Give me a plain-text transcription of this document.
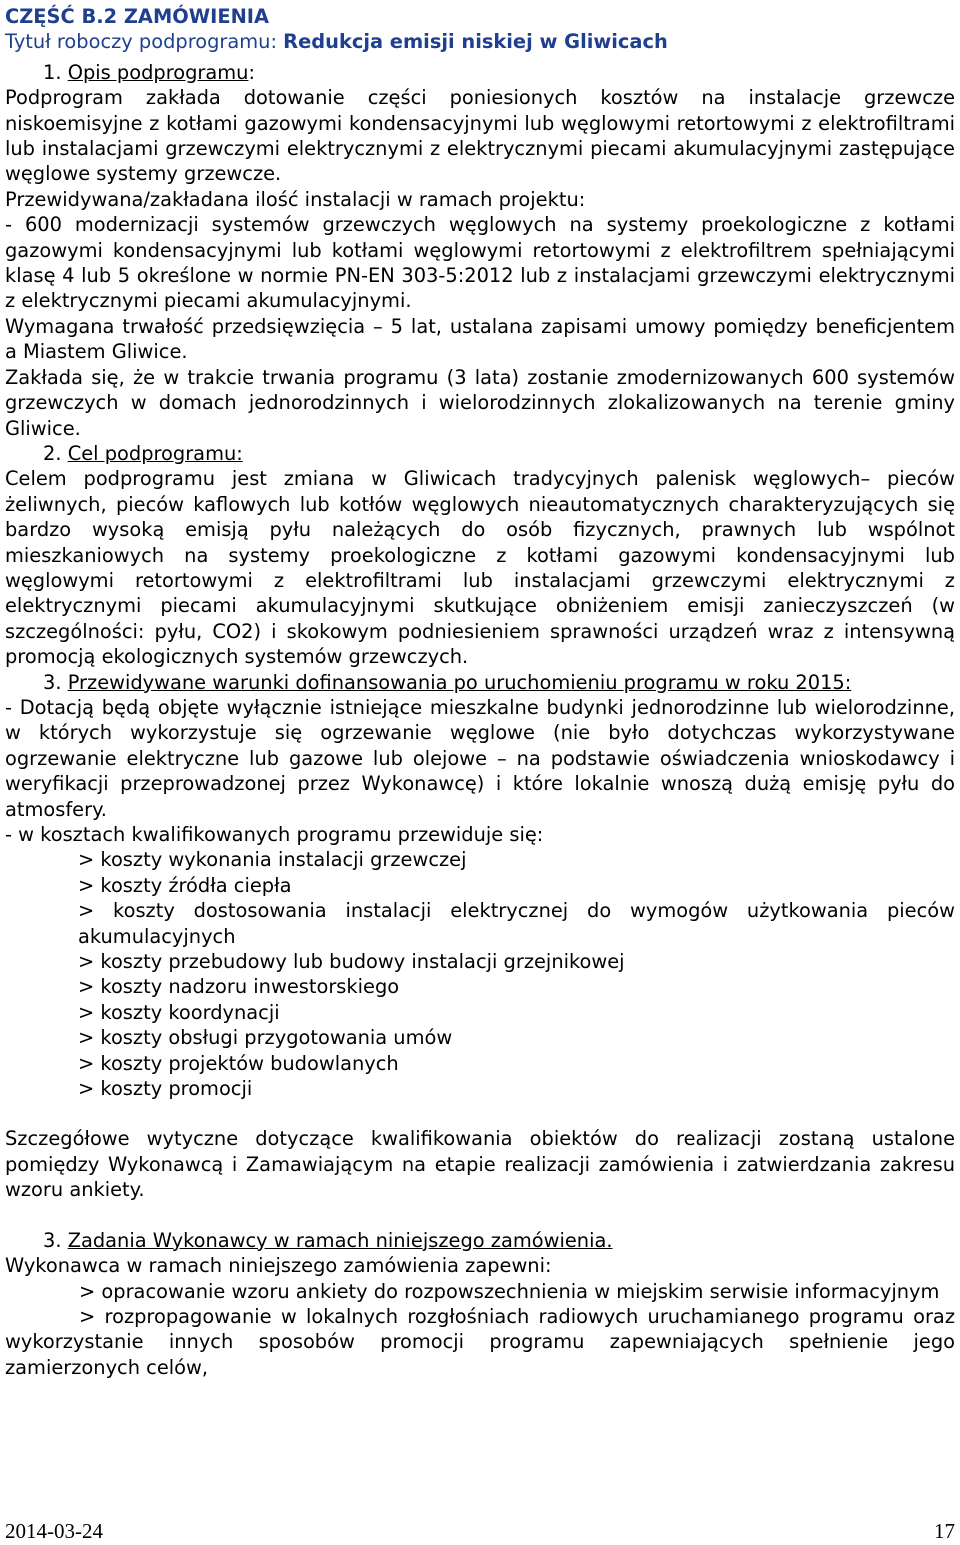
CZĘŚĆ B.2 ZAMÓWIENIA

Tytuł roboczy podprogramu: Redukcja emisji niskiej w Gliwicach

1. Opis podprogramu:

Podprogram zakłada dotowanie części poniesionych kosztów na instalacje grzewcze niskoemisyjne z kotłami gazowymi kondensacyjnymi lub węglowymi retortowymi z elektrofiltrami lub instalacjami grzewczymi elektrycznymi z elektrycznymi piecami akumulacyjnymi zastępujące węglowe systemy grzewcze.

Przewidywana/zakładana ilość instalacji w ramach projektu:

- 600 modernizacji systemów grzewczych węglowych na systemy proekologiczne z kotłami gazowymi kondensacyjnymi lub kotłami węglowymi retortowymi z elektrofiltrem spełniającymi klasę 4 lub 5 określone w normie PN-EN 303-5:2012 lub z instalacjami grzewczymi elektrycznymi z elektrycznymi piecami akumulacyjnymi.

Wymagana trwałość przedsięwzięcia – 5 lat, ustalana zapisami umowy pomiędzy beneficjentem a Miastem Gliwice.

Zakłada się, że w trakcie trwania programu (3 lata) zostanie zmodernizowanych 600 systemów grzewczych w domach jednorodzinnych i wielorodzinnych zlokalizowanych na terenie gminy Gliwice.

2. Cel podprogramu:

Celem podprogramu jest zmiana w Gliwicach tradycyjnych palenisk węglowych– pieców żeliwnych, pieców kaflowych lub kotłów węglowych nieautomatycznych charakteryzujących się bardzo wysoką emisją pyłu należących do osób fizycznych, prawnych lub wspólnot mieszkaniowych na systemy proekologiczne z kotłami gazowymi kondensacyjnymi lub węglowymi retortowymi z elektrofiltrami lub instalacjami grzewczymi elektrycznymi z elektrycznymi piecami akumulacyjnymi skutkujące obniżeniem emisji zanieczyszczeń (w szczególności: pyłu, CO2) i skokowym podniesieniem sprawności urządzeń wraz z intensywną promocją ekologicznych systemów grzewczych.

3. Przewidywane warunki dofinansowania po uruchomieniu programu w roku 2015:

- Dotacją będą objęte wyłącznie istniejące mieszkalne budynki jednorodzinne lub wielorodzinne, w których wykorzystuje się ogrzewanie węglowe (nie było dotychczas wykorzystywane ogrzewanie elektryczne lub gazowe lub olejowe – na podstawie oświadczenia wnioskodawcy i weryfikacji przeprowadzonej przez Wykonawcę) i które lokalnie wnoszą dużą emisję pyłu do atmosfery.

- w kosztach kwalifikowanych programu przewiduje się:

> koszty wykonania instalacji grzewczej

> koszty źródła ciepła

> koszty dostosowania instalacji elektrycznej do wymogów użytkowania pieców akumulacyjnych

> koszty przebudowy lub budowy instalacji grzejnikowej

> koszty nadzoru inwestorskiego

> koszty koordynacji

> koszty obsługi przygotowania umów

> koszty projektów budowlanych

> koszty promocji

Szczegółowe wytyczne dotyczące kwalifikowania obiektów do realizacji zostaną ustalone pomiędzy Wykonawcą i Zamawiającym na etapie realizacji zamówienia i zatwierdzania zakresu wzoru ankiety.

3. Zadania Wykonawcy w ramach niniejszego zamówienia.

Wykonawca w ramach niniejszego zamówienia zapewni:

> opracowanie wzoru ankiety do rozpowszechnienia w miejskim serwisie informacyjnym

> rozpropagowanie w lokalnych rozgłośniach radiowych uruchamianego programu oraz wykorzystanie innych sposobów promocji programu zapewniających spełnienie jego zamierzonych celów,

2014-03-24	17
